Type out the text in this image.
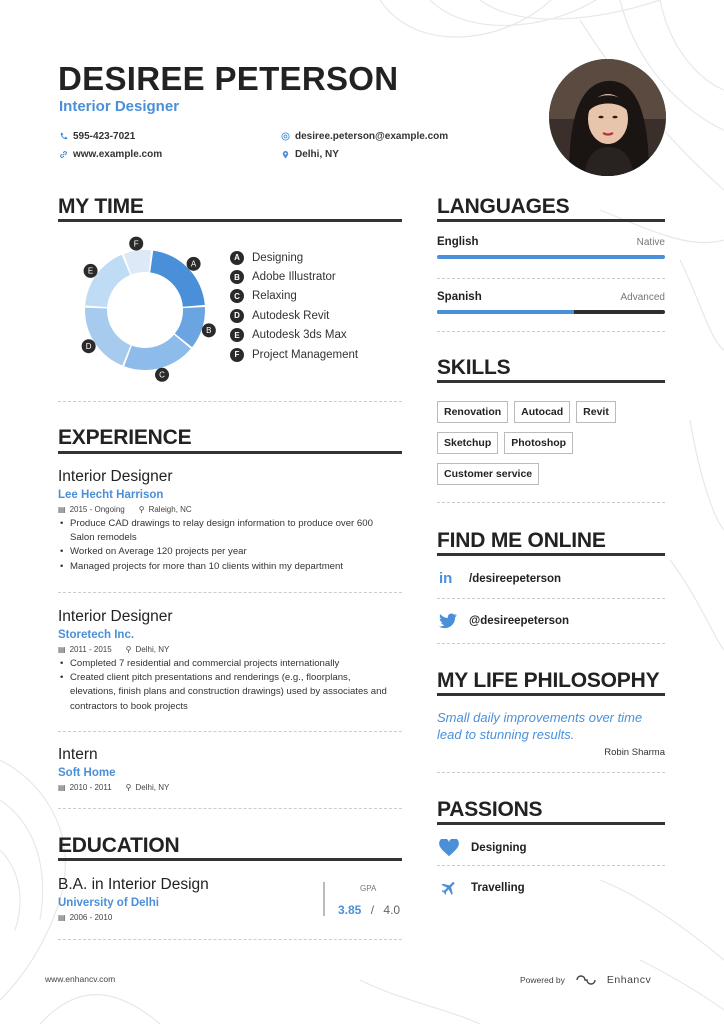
DESIREE PETERSON
Interior Designer
595-423-7021
www.example.com
desiree.peterson@example.com
Delhi, NY
MY TIME
A
B
C
D
E
F
A	Designing
B	Adobe Illustrator
C	Relaxing
D	Autodesk Revit
E	Autodesk 3ds Max
F	Project Management
EXPERIENCE
Interior Designer
Lee Hecht Harrison
▤ 2015 - Ongoing ⚲ Raleigh, NC
• Produce CAD drawings to relay design information to produce over 600 Salon remodels
• Worked on Average 120 projects per year
• Managed projects for more than 10 clients within my department
Interior Designer
Storetech Inc.
▤ 2011 - 2015 ⚲ Delhi, NY
• Completed 7 residential and commercial projects internationally
• Created client pitch presentations and renderings (e.g., floorplans, elevations, finish plans and construction drawings) used by associates and contractors to book projects
Intern
Soft Home
▤ 2010 - 2011 ⚲ Delhi, NY
EDUCATION
B.A. in Interior Design
University of Delhi
▤ 2006 - 2010
GPA
3.85 / 4.0
LANGUAGES
English	Native
Spanish	Advanced
SKILLS
Renovation	Autocad	Revit
Sketchup	Photoshop
Customer service
FIND ME ONLINE
in	/desireepeterson
@desireepeterson
MY LIFE PHILOSOPHY
Small daily improvements over time lead to stunning results.
Robin Sharma
PASSIONS
Designing
Travelling
www.enhancv.com	Powered by	Enhancv
